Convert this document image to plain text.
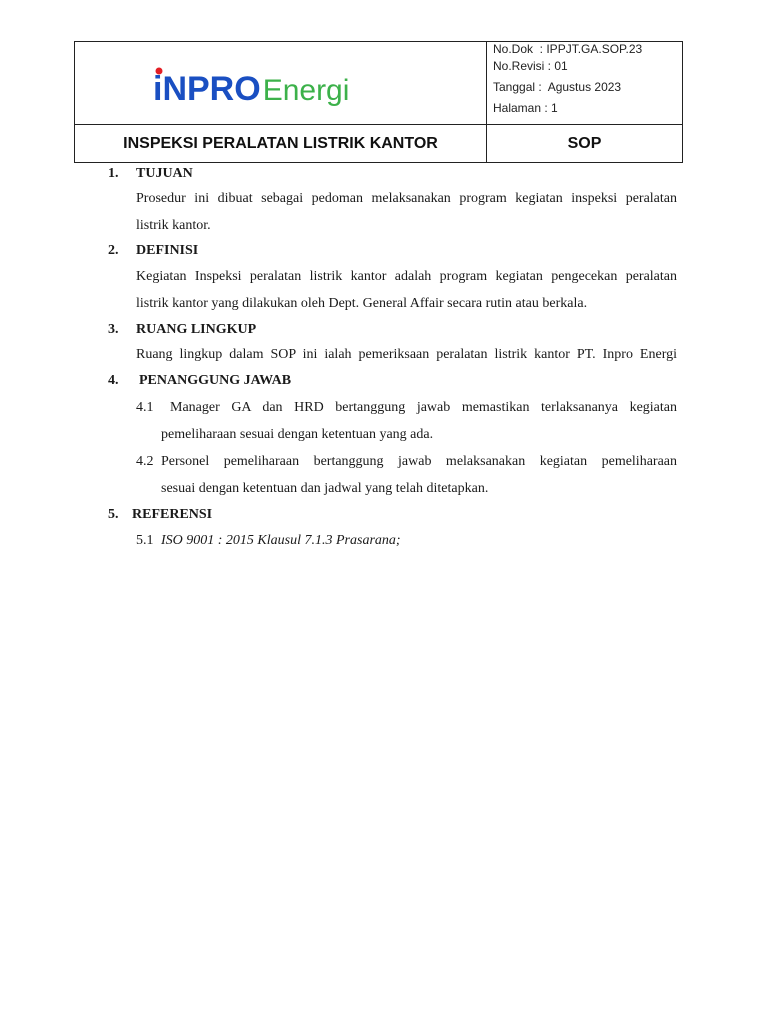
iNPRO Energi
No.Dok  : IPPJT.GA.SOP.23
No.Revisi : 01
Tanggal :  Agustus 2023
Halaman : 1
INSPEKSI PERALATAN LISTRIK KANTOR	SOP
1. TUJUAN
Prosedur ini dibuat sebagai pedoman melaksanakan program kegiatan inspeksi peralatan
listrik kantor.
2. DEFINISI
Kegiatan Inspeksi peralatan listrik kantor adalah program kegiatan pengecekan peralatan
listrik kantor yang dilakukan oleh Dept. General Affair secara rutin atau berkala.
3. RUANG LINGKUP
Ruang lingkup dalam SOP ini ialah pemeriksaan peralatan listrik kantor PT. Inpro Energi
4. PENANGGUNG JAWAB
4.1 Manager GA dan HRD bertanggung jawab memastikan terlaksananya kegiatan
pemeliharaan sesuai dengan ketentuan yang ada.
4.2 Personel pemeliharaan bertanggung jawab melaksanakan kegiatan pemeliharaan
sesuai dengan ketentuan dan jadwal yang telah ditetapkan.
5. REFERENSI
5.1 ISO 9001 : 2015 Klausul 7.1.3 Prasarana;
